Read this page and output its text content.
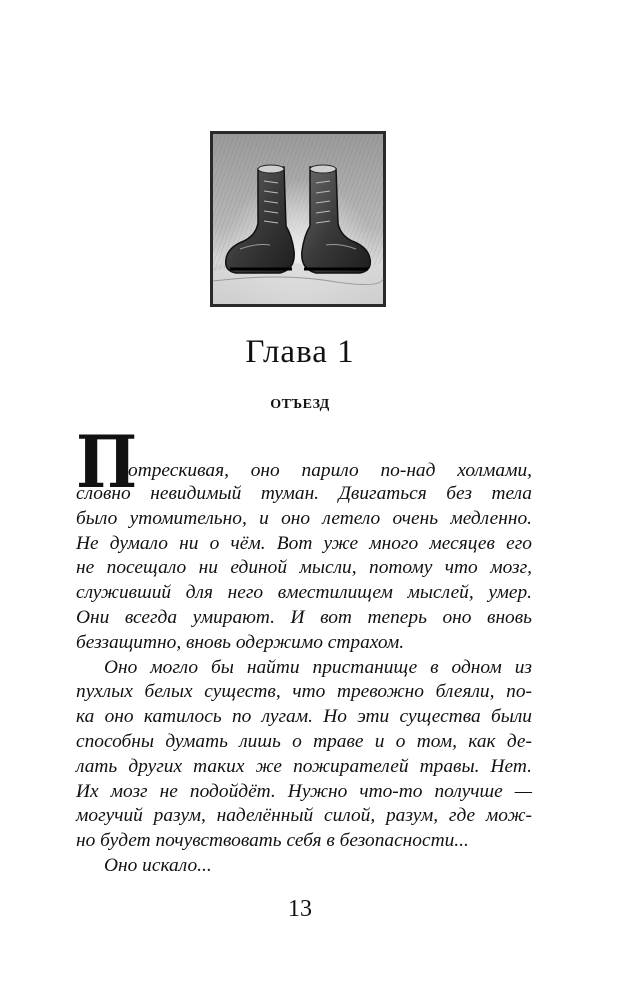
Глава 1
ОТЪЕЗД
П
отрескивая, оно парило по-над холмами,
словно невидимый туман. Двигаться без тела
было утомительно, и оно летело очень медленно.
Не думало ни о чём. Вот уже много месяцев его
не посещало ни единой мысли, потому что мозг,
служивший для него вместилищем мыслей, умер.
Они всегда умирают. И вот теперь оно вновь
беззащитно, вновь одержимо страхом.
Оно могло бы найти пристанище в одном из
пухлых белых существ, что тревожно блеяли, по-
ка оно катилось по лугам. Но эти существа были
способны думать лишь о траве и о том, как де-
лать других таких же пожирателей травы. Нет.
Их мозг не подойдёт. Нужно что-то получше —
могучий разум, наделённый силой, разум, где мож-
но будет почувствовать себя в безопасности...
Оно искало...
13
